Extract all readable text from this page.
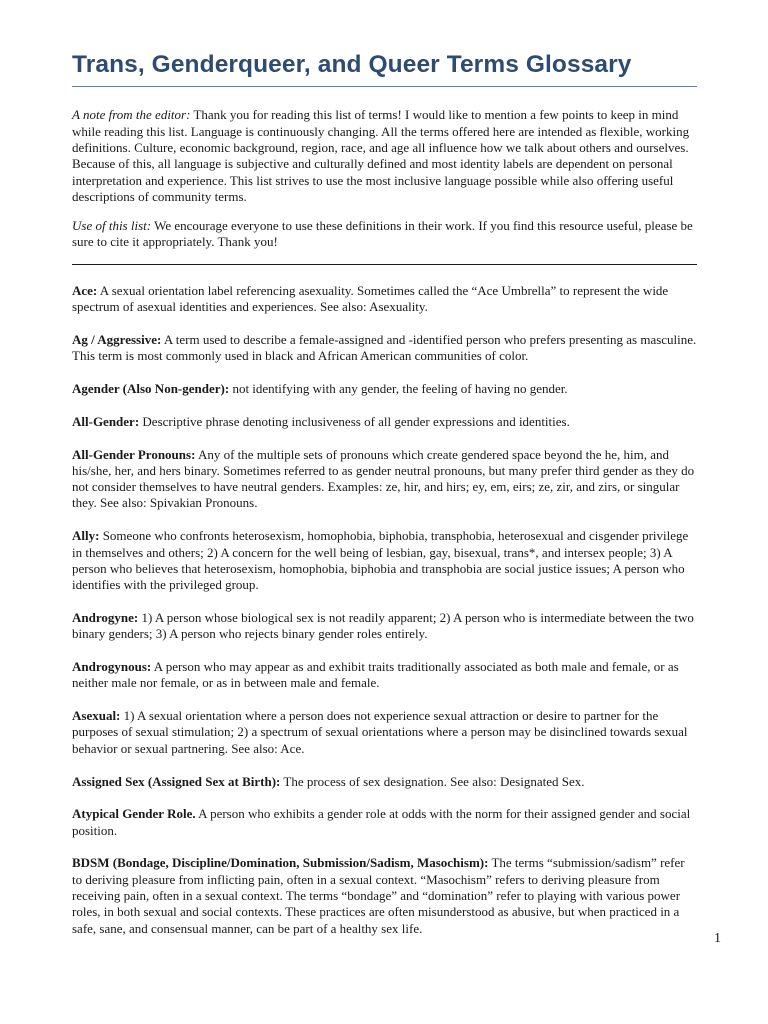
Trans, Genderqueer, and Queer Terms Glossary

A note from the editor: Thank you for reading this list of terms! I would like to mention a few points to keep in mind while reading this list. Language is continuously changing. All the terms offered here are intended as flexible, working definitions. Culture, economic background, region, race, and age all influence how we talk about others and ourselves. Because of this, all language is subjective and culturally defined and most identity labels are dependent on personal interpretation and experience. This list strives to use the most inclusive language possible while also offering useful descriptions of community terms.

Use of this list: We encourage everyone to use these definitions in their work. If you find this resource useful, please be sure to cite it appropriately. Thank you!

Ace: A sexual orientation label referencing asexuality. Sometimes called the “Ace Umbrella” to represent the wide spectrum of asexual identities and experiences. See also: Asexuality.

Ag / Aggressive: A term used to describe a female-assigned and -identified person who prefers presenting as masculine. This term is most commonly used in black and African American communities of color.

Agender (Also Non-gender): not identifying with any gender, the feeling of having no gender.

All-Gender: Descriptive phrase denoting inclusiveness of all gender expressions and identities.

All-Gender Pronouns: Any of the multiple sets of pronouns which create gendered space beyond the he, him, and his/she, her, and hers binary. Sometimes referred to as gender neutral pronouns, but many prefer third gender as they do not consider themselves to have neutral genders. Examples: ze, hir, and hirs; ey, em, eirs; ze, zir, and zirs, or singular they. See also: Spivakian Pronouns.

Ally: Someone who confronts heterosexism, homophobia, biphobia, transphobia, heterosexual and cisgender privilege in themselves and others; 2) A concern for the well being of lesbian, gay, bisexual, trans*, and intersex people; 3) A person who believes that heterosexism, homophobia, biphobia and transphobia are social justice issues; A person who identifies with the privileged group.

Androgyne: 1) A person whose biological sex is not readily apparent; 2) A person who is intermediate between the two binary genders; 3) A person who rejects binary gender roles entirely.

Androgynous: A person who may appear as and exhibit traits traditionally associated as both male and female, or as neither male nor female, or as in between male and female.

Asexual: 1) A sexual orientation where a person does not experience sexual attraction or desire to partner for the purposes of sexual stimulation; 2) a spectrum of sexual orientations where a person may be disinclined towards sexual behavior or sexual partnering. See also: Ace.

Assigned Sex (Assigned Sex at Birth): The process of sex designation. See also: Designated Sex.

Atypical Gender Role. A person who exhibits a gender role at odds with the norm for their assigned gender and social position.

BDSM (Bondage, Discipline/Domination, Submission/Sadism, Masochism): The terms “submission/sadism” refer to deriving pleasure from inflicting pain, often in a sexual context. “Masochism” refers to deriving pleasure from receiving pain, often in a sexual context. The terms “bondage” and “domination” refer to playing with various power roles, in both sexual and social contexts. These practices are often misunderstood as abusive, but when practiced in a safe, sane, and consensual manner, can be part of a healthy sex life.

1
